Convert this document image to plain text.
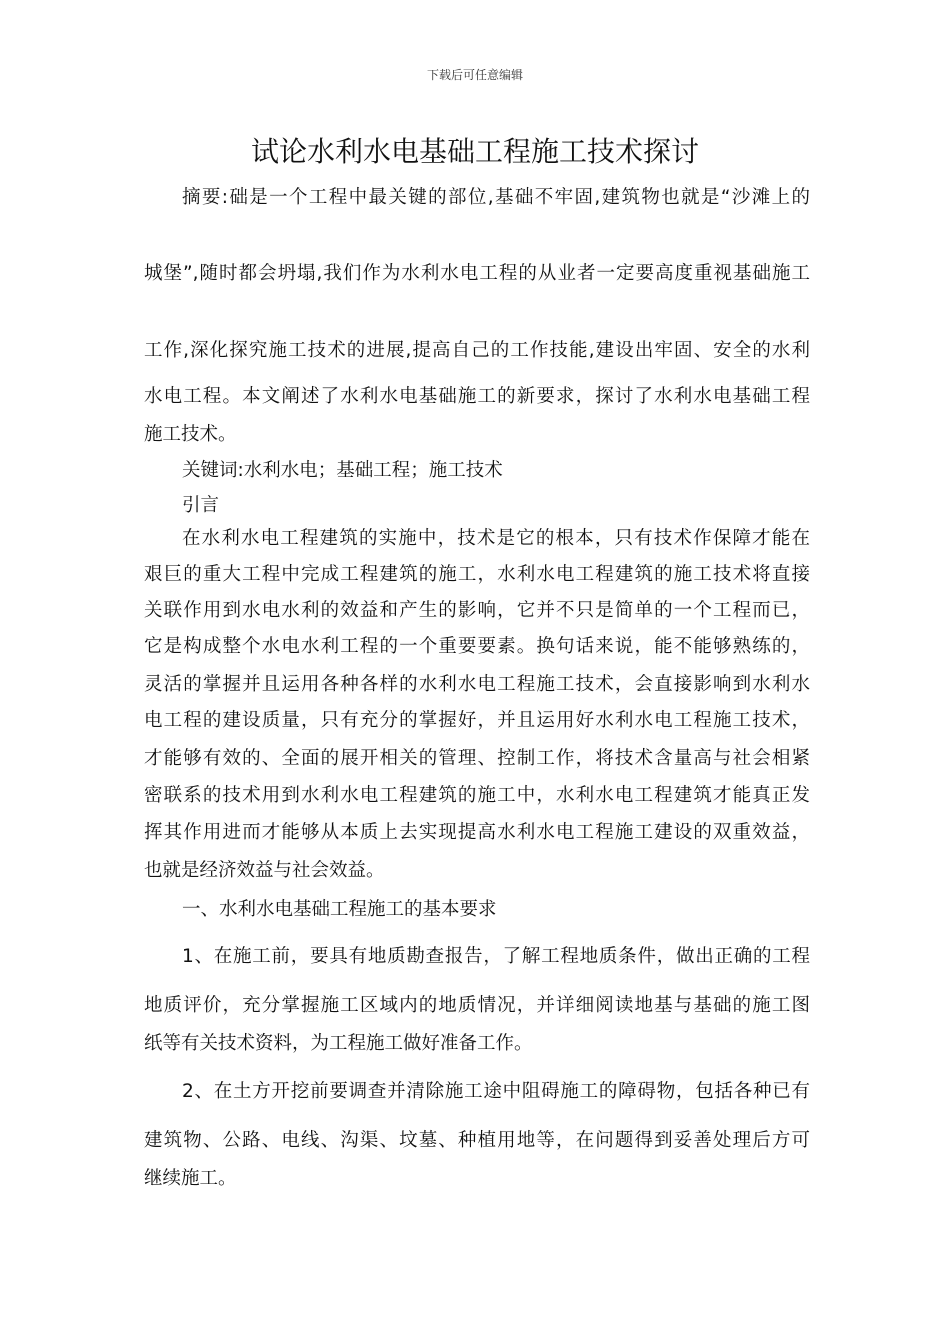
下载后可任意编辑
试论水利水电基础工程施工技术探讨
摘要:础是一个工程中最关键的部位,基础不牢固,建筑物也就是“沙滩上的
城堡”,随时都会坍塌,我们作为水利水电工程的从业者一定要高度重视基础施工
工作,深化探究施工技术的进展,提高自己的工作技能,建设出牢固、安全的水利
水电工程。本文阐述了水利水电基础施工的新要求，探讨了水利水电基础工程
施工技术。
关键词:水利水电；基础工程；施工技术
引言
在水利水电工程建筑的实施中，技术是它的根本，只有技术作保障才能在
艰巨的重大工程中完成工程建筑的施工，水利水电工程建筑的施工技术将直接
关联作用到水电水利的效益和产生的影响，它并不只是简单的一个工程而已，
它是构成整个水电水利工程的一个重要要素。换句话来说，能不能够熟练的，
灵活的掌握并且运用各种各样的水利水电工程施工技术，会直接影响到水利水
电工程的建设质量，只有充分的掌握好，并且运用好水利水电工程施工技术，
才能够有效的、全面的展开相关的管理、控制工作，将技术含量高与社会相紧
密联系的技术用到水利水电工程建筑的施工中，水利水电工程建筑才能真正发
挥其作用进而才能够从本质上去实现提高水利水电工程施工建设的双重效益，
也就是经济效益与社会效益。
一、水利水电基础工程施工的基本要求
1、在施工前，要具有地质勘查报告，了解工程地质条件，做出正确的工程
地质评价，充分掌握施工区域内的地质情况，并详细阅读地基与基础的施工图
纸等有关技术资料，为工程施工做好准备工作。
2、在土方开挖前要调查并清除施工途中阻碍施工的障碍物，包括各种已有
建筑物、公路、电线、沟渠、坟墓、种植用地等，在问题得到妥善处理后方可
继续施工。
